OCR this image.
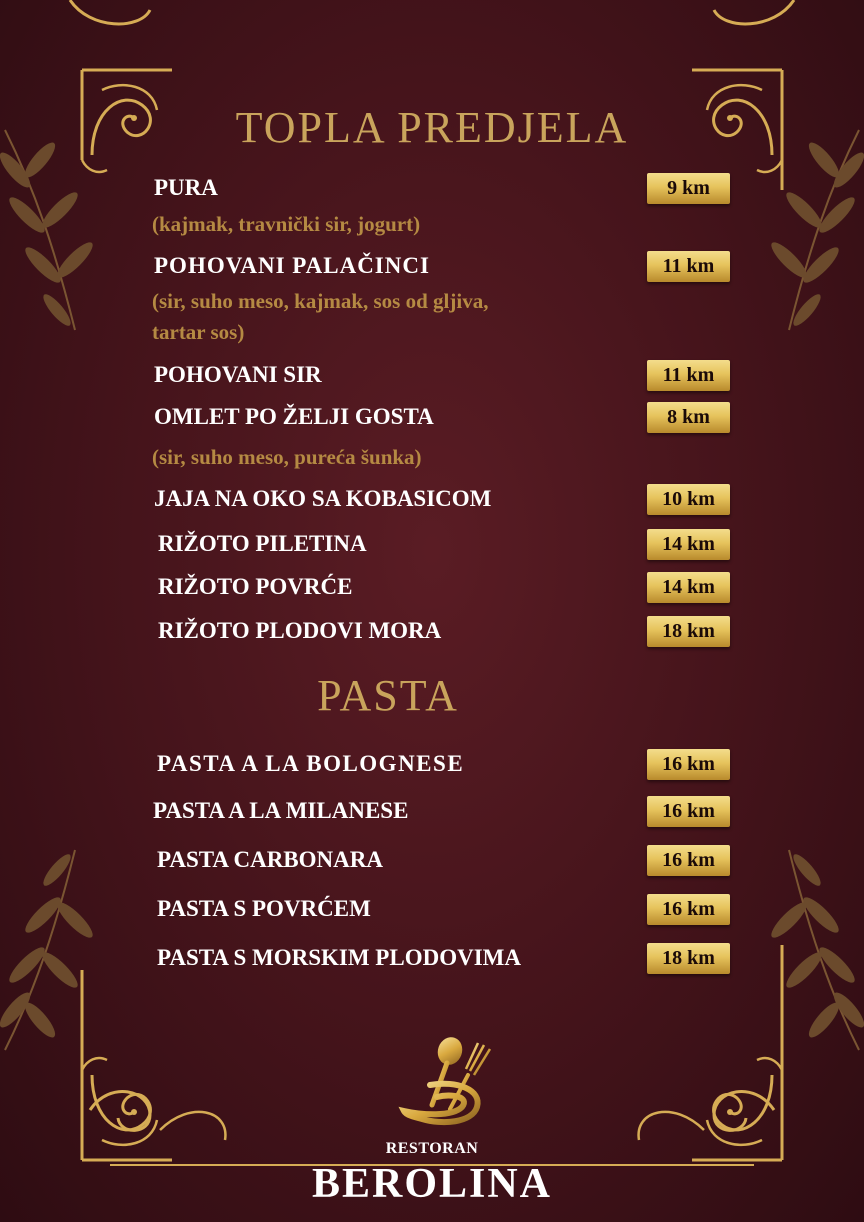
TOPLA PREDJELA
PURA	9 km
(kajmak, travnički sir, jogurt)
POHOVANI PALAČINCI	11 km
(sir, suho meso, kajmak, sos od gljiva, tartar sos)
POHOVANI SIR	11 km
OMLET PO ŽELJI GOSTA	8 km
(sir, suho meso, pureća šunka)
JAJA NA OKO SA KOBASICOM	10 km
RIŽOTO PILETINA	14 km
RIŽOTO POVRĆE	14 km
RIŽOTO PLODOVI MORA	18 km
PASTA
PASTA A LA BOLOGNESE	16 km
PASTA A LA MILANESE	16 km
PASTA CARBONARA	16 km
PASTA S POVRĆEM	16 km
PASTA S MORSKIM PLODOVIMA	18 km
RESTORAN
BEROLINA
